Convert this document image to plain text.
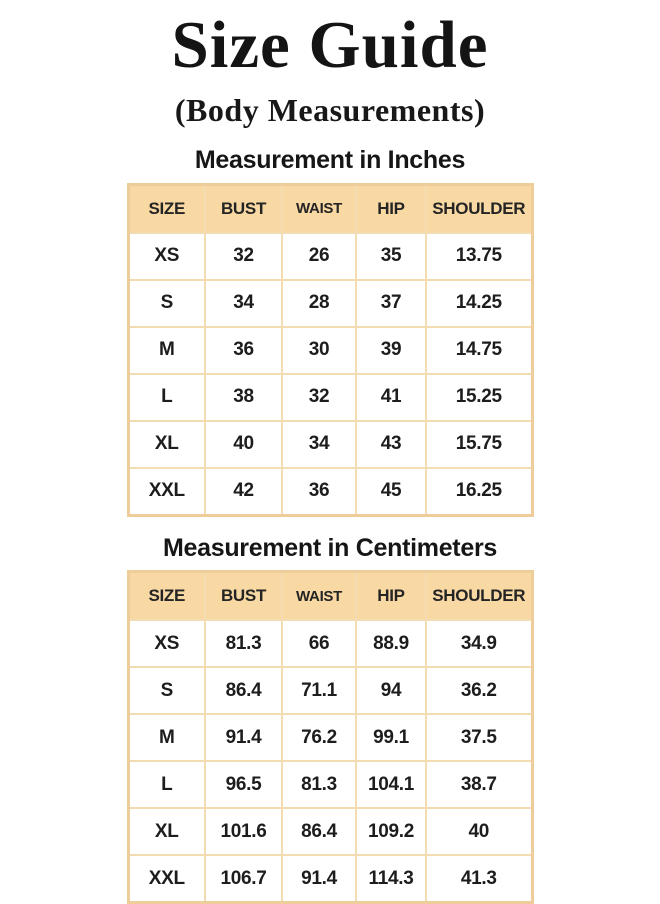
Size Guide
(Body Measurements)
Measurement in Inches
SIZE	BUST	WAIST	HIP	SHOULDER
XS	32	26	35	13.75
S	34	28	37	14.25
M	36	30	39	14.75
L	38	32	41	15.25
XL	40	34	43	15.75
XXL	42	36	45	16.25
Measurement in Centimeters
SIZE	BUST	WAIST	HIP	SHOULDER
XS	81.3	66	88.9	34.9
S	86.4	71.1	94	36.2
M	91.4	76.2	99.1	37.5
L	96.5	81.3	104.1	38.7
XL	101.6	86.4	109.2	40
XXL	106.7	91.4	114.3	41.3
